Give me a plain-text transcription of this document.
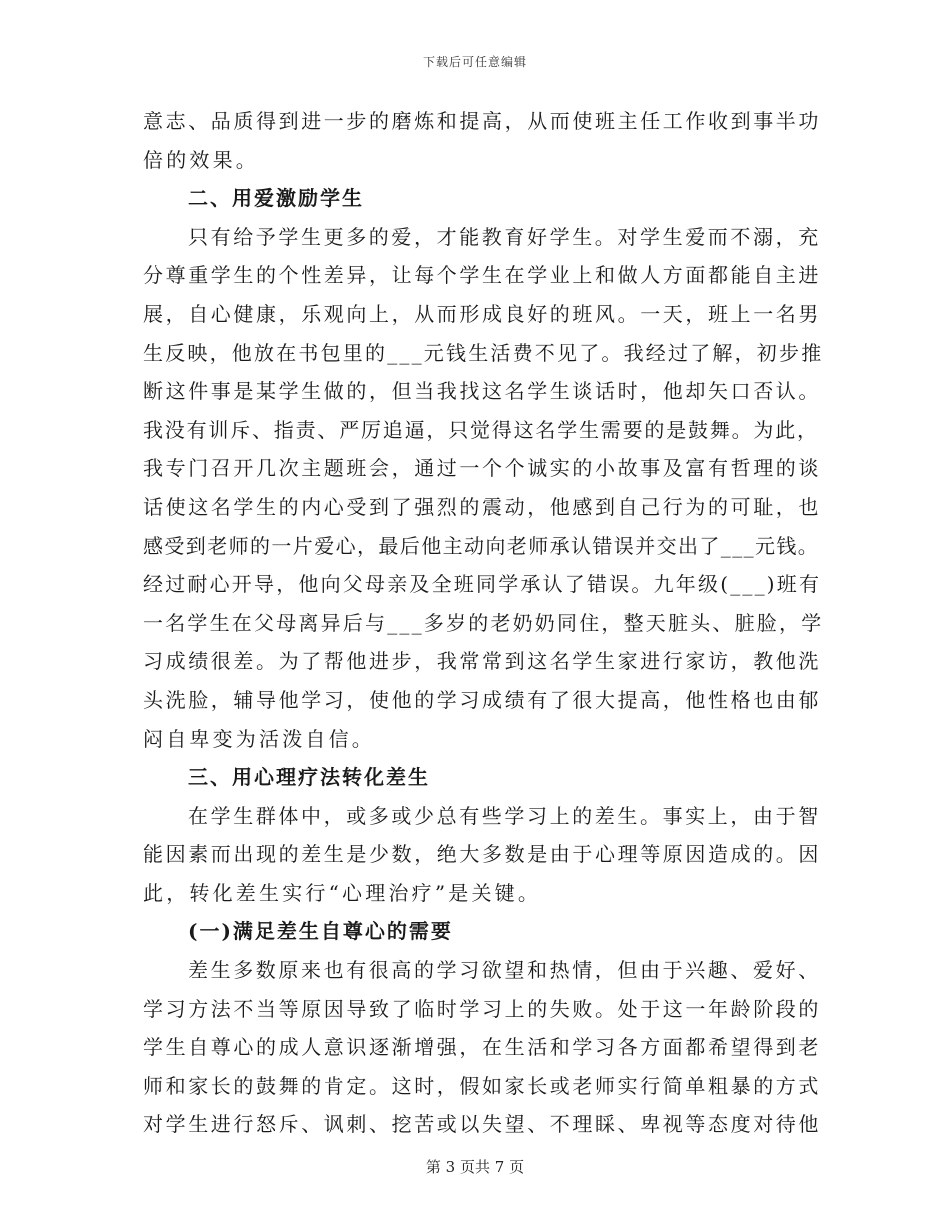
下载后可任意编辑
意志、品质得到进一步的磨炼和提高，从而使班主任工作收到事半功
倍的效果。
二、用爱激励学生
只有给予学生更多的爱，才能教育好学生。对学生爱而不溺，充
分尊重学生的个性差异，让每个学生在学业上和做人方面都能自主进
展，自心健康，乐观向上，从而形成良好的班风。一天，班上一名男
生反映，他放在书包里的___元钱生活费不见了。我经过了解，初步推
断这件事是某学生做的，但当我找这名学生谈话时，他却矢口否认。
我没有训斥、指责、严厉追逼，只觉得这名学生需要的是鼓舞。为此，
我专门召开几次主题班会，通过一个个诚实的小故事及富有哲理的谈
话使这名学生的内心受到了强烈的震动，他感到自己行为的可耻，也
感受到老师的一片爱心，最后他主动向老师承认错误并交出了___元钱。
经过耐心开导，他向父母亲及全班同学承认了错误。九年级(___)班有
一名学生在父母离异后与___多岁的老奶奶同住，整天脏头、脏脸，学
习成绩很差。为了帮他进步，我常常到这名学生家进行家访，教他洗
头洗脸，辅导他学习，使他的学习成绩有了很大提高，他性格也由郁
闷自卑变为活泼自信。
三、用心理疗法转化差生
在学生群体中，或多或少总有些学习上的差生。事实上，由于智
能因素而出现的差生是少数，绝大多数是由于心理等原因造成的。因
此，转化差生实行“心理治疗”是关键。
(一)满足差生自尊心的需要
差生多数原来也有很高的学习欲望和热情，但由于兴趣、爱好、
学习方法不当等原因导致了临时学习上的失败。处于这一年龄阶段的
学生自尊心的成人意识逐渐增强，在生活和学习各方面都希望得到老
师和家长的鼓舞的肯定。这时，假如家长或老师实行简单粗暴的方式
对学生进行怒斥、讽刺、挖苦或以失望、不理睬、卑视等态度对待他
第 3 页共 7 页
